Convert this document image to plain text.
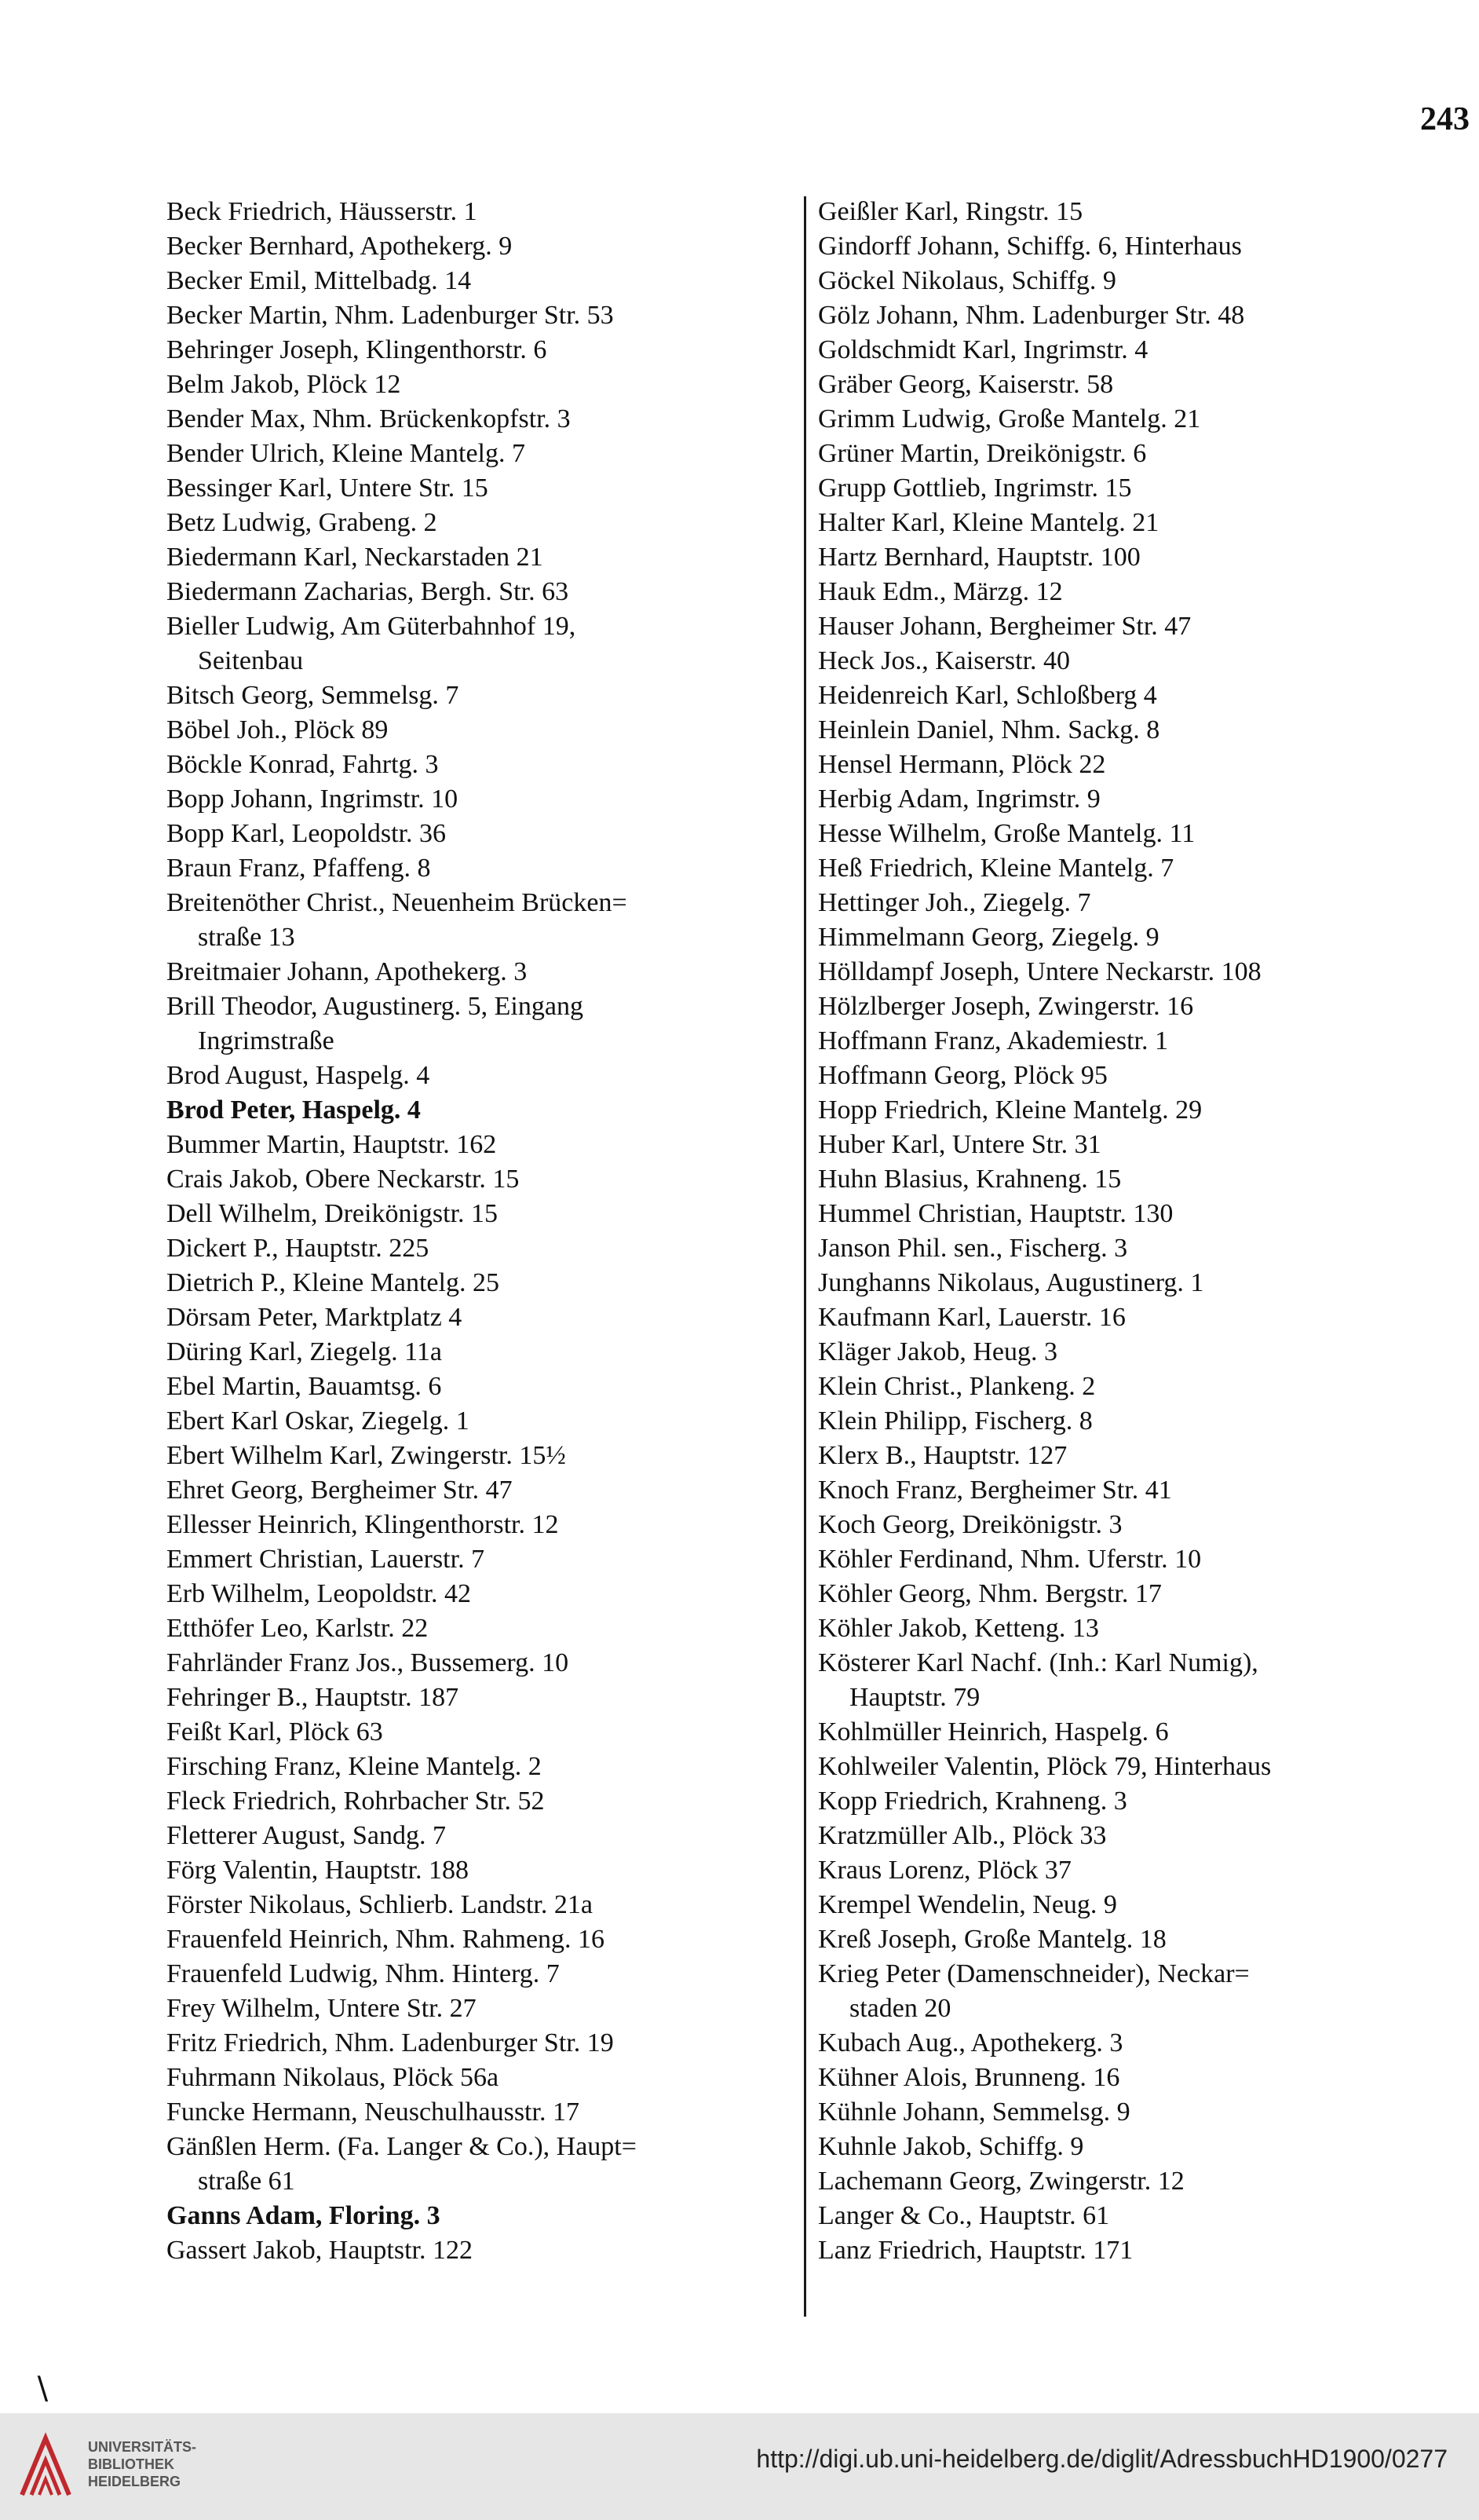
243
Beck Friedrich, Häusserstr. 1
Becker Bernhard, Apothekerg. 9
Becker Emil, Mittelbadg. 14
Becker Martin, Nhm. Ladenburger Str. 53
Behringer Joseph, Klingenthorstr. 6
Belm Jakob, Plöck 12
Bender Max, Nhm. Brückenkopfstr. 3
Bender Ulrich, Kleine Mantelg. 7
Bessinger Karl, Untere Str. 15
Betz Ludwig, Grabeng. 2
Biedermann Karl, Neckarstaden 21
Biedermann Zacharias, Bergh. Str. 63
Bieller Ludwig, Am Güterbahnhof 19,
Seitenbau
Bitsch Georg, Semmelsg. 7
Böbel Joh., Plöck 89
Böckle Konrad, Fahrtg. 3
Bopp Johann, Ingrimstr. 10
Bopp Karl, Leopoldstr. 36
Braun Franz, Pfaffeng. 8
Breitenöther Christ., Neuenheim Brücken=
straße 13
Breitmaier Johann, Apothekerg. 3
Brill Theodor, Augustinerg. 5, Eingang
Ingrimstraße
Brod August, Haspelg. 4
Brod Peter, Haspelg. 4
Bummer Martin, Hauptstr. 162
Crais Jakob, Obere Neckarstr. 15
Dell Wilhelm, Dreikönigstr. 15
Dickert P., Hauptstr. 225
Dietrich P., Kleine Mantelg. 25
Dörsam Peter, Marktplatz 4
Düring Karl, Ziegelg. 11a
Ebel Martin, Bauamtsg. 6
Ebert Karl Oskar, Ziegelg. 1
Ebert Wilhelm Karl, Zwingerstr. 15½
Ehret Georg, Bergheimer Str. 47
Ellesser Heinrich, Klingenthorstr. 12
Emmert Christian, Lauerstr. 7
Erb Wilhelm, Leopoldstr. 42
Etthöfer Leo, Karlstr. 22
Fahrländer Franz Jos., Bussemerg. 10
Fehringer B., Hauptstr. 187
Feißt Karl, Plöck 63
Firsching Franz, Kleine Mantelg. 2
Fleck Friedrich, Rohrbacher Str. 52
Fletterer August, Sandg. 7
Förg Valentin, Hauptstr. 188
Förster Nikolaus, Schlierb. Landstr. 21a
Frauenfeld Heinrich, Nhm. Rahmeng. 16
Frauenfeld Ludwig, Nhm. Hinterg. 7
Frey Wilhelm, Untere Str. 27
Fritz Friedrich, Nhm. Ladenburger Str. 19
Fuhrmann Nikolaus, Plöck 56a
Funcke Hermann, Neuschulhausstr. 17
Gänßlen Herm. (Fa. Langer & Co.), Haupt=
straße 61
Ganns Adam, Floring. 3
Gassert Jakob, Hauptstr. 122
Geißler Karl, Ringstr. 15
Gindorff Johann, Schiffg. 6, Hinterhaus
Göckel Nikolaus, Schiffg. 9
Gölz Johann, Nhm. Ladenburger Str. 48
Goldschmidt Karl, Ingrimstr. 4
Gräber Georg, Kaiserstr. 58
Grimm Ludwig, Große Mantelg. 21
Grüner Martin, Dreikönigstr. 6
Grupp Gottlieb, Ingrimstr. 15
Halter Karl, Kleine Mantelg. 21
Hartz Bernhard, Hauptstr. 100
Hauk Edm., Märzg. 12
Hauser Johann, Bergheimer Str. 47
Heck Jos., Kaiserstr. 40
Heidenreich Karl, Schloßberg 4
Heinlein Daniel, Nhm. Sackg. 8
Hensel Hermann, Plöck 22
Herbig Adam, Ingrimstr. 9
Hesse Wilhelm, Große Mantelg. 11
Heß Friedrich, Kleine Mantelg. 7
Hettinger Joh., Ziegelg. 7
Himmelmann Georg, Ziegelg. 9
Hölldampf Joseph, Untere Neckarstr. 108
Hölzlberger Joseph, Zwingerstr. 16
Hoffmann Franz, Akademiestr. 1
Hoffmann Georg, Plöck 95
Hopp Friedrich, Kleine Mantelg. 29
Huber Karl, Untere Str. 31
Huhn Blasius, Krahneng. 15
Hummel Christian, Hauptstr. 130
Janson Phil. sen., Fischerg. 3
Junghanns Nikolaus, Augustinerg. 1
Kaufmann Karl, Lauerstr. 16
Kläger Jakob, Heug. 3
Klein Christ., Plankeng. 2
Klein Philipp, Fischerg. 8
Klerx B., Hauptstr. 127
Knoch Franz, Bergheimer Str. 41
Koch Georg, Dreikönigstr. 3
Köhler Ferdinand, Nhm. Uferstr. 10
Köhler Georg, Nhm. Bergstr. 17
Köhler Jakob, Ketteng. 13
Kösterer Karl Nachf. (Inh.: Karl Numig),
Hauptstr. 79
Kohlmüller Heinrich, Haspelg. 6
Kohlweiler Valentin, Plöck 79, Hinterhaus
Kopp Friedrich, Krahneng. 3
Kratzmüller Alb., Plöck 33
Kraus Lorenz, Plöck 37
Krempel Wendelin, Neug. 9
Kreß Joseph, Große Mantelg. 18
Krieg Peter (Damenschneider), Neckar=
staden 20
Kubach Aug., Apothekerg. 3
Kühner Alois, Brunneng. 16
Kühnle Johann, Semmelsg. 9
Kuhnle Jakob, Schiffg. 9
Lachemann Georg, Zwingerstr. 12
Langer & Co., Hauptstr. 61
Lanz Friedrich, Hauptstr. 171
∖
UNIVERSITÄTS-
BIBLIOTHEK
HEIDELBERG
http://digi.ub.uni-heidelberg.de/diglit/AdressbuchHD1900/0277
